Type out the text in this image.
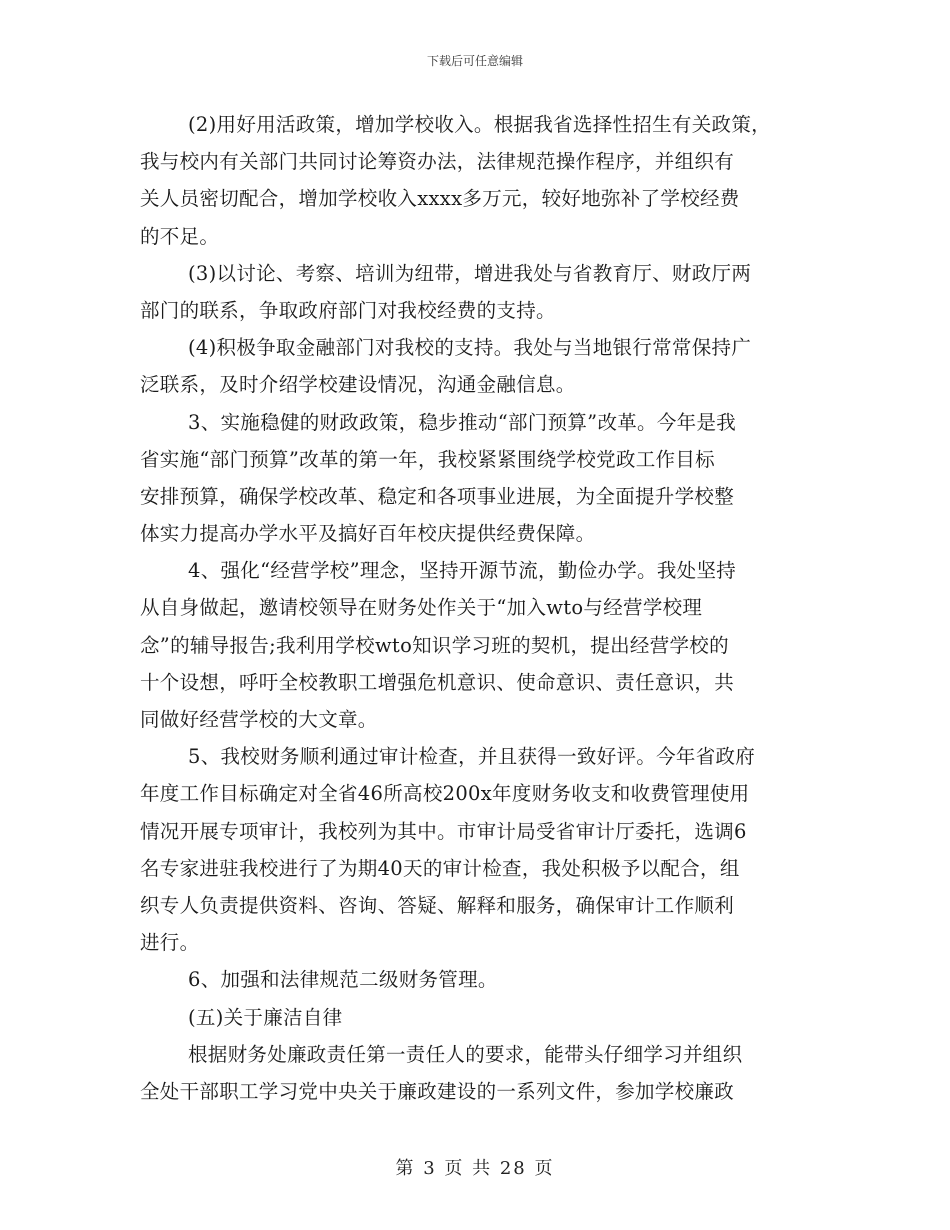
下载后可任意编辑
(2)用好用活政策，增加学校收入。根据我省选择性招生有关政策，
我与校内有关部门共同讨论筹资办法，法律规范操作程序，并组织有
关人员密切配合，增加学校收入xxxx多万元，较好地弥补了学校经费
的不足。
(3)以讨论、考察、培训为纽带，增进我处与省教育厅、财政厅两
部门的联系，争取政府部门对我校经费的支持。
(4)积极争取金融部门对我校的支持。我处与当地银行常常保持广
泛联系，及时介绍学校建设情况，沟通金融信息。
3、实施稳健的财政政策，稳步推动“部门预算”改革。今年是我
省实施“部门预算”改革的第一年，我校紧紧围绕学校党政工作目标
安排预算，确保学校改革、稳定和各项事业进展，为全面提升学校整
体实力提高办学水平及搞好百年校庆提供经费保障。
4、强化“经营学校”理念，坚持开源节流，勤俭办学。我处坚持
从自身做起，邀请校领导在财务处作关于“加入wto与经营学校理
念”的辅导报告;我利用学校wto知识学习班的契机，提出经营学校的
十个设想，呼吁全校教职工增强危机意识、使命意识、责任意识，共
同做好经营学校的大文章。
5、我校财务顺利通过审计检查，并且获得一致好评。今年省政府
年度工作目标确定对全省46所高校200x年度财务收支和收费管理使用
情况开展专项审计，我校列为其中。市审计局受省审计厅委托，选调6
名专家进驻我校进行了为期40天的审计检查，我处积极予以配合，组
织专人负责提供资料、咨询、答疑、解释和服务，确保审计工作顺利
进行。
6、加强和法律规范二级财务管理。
(五)关于廉洁自律
根据财务处廉政责任第一责任人的要求，能带头仔细学习并组织
全处干部职工学习党中央关于廉政建设的一系列文件，参加学校廉政
第 3 页 共 28 页
